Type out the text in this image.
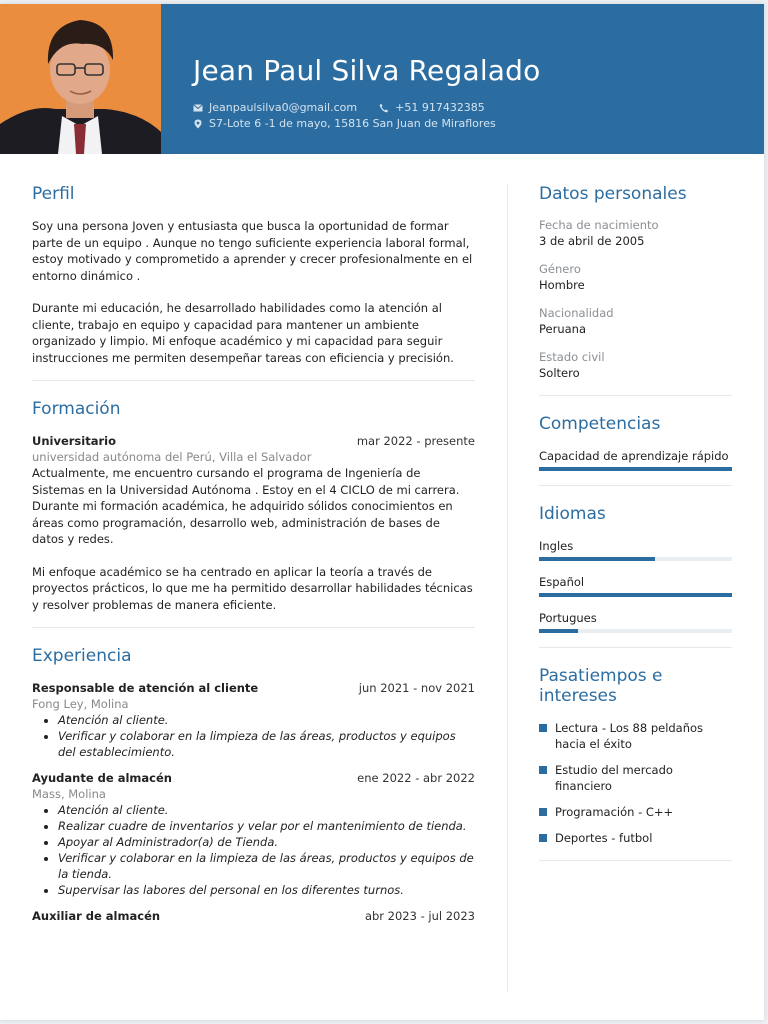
Jean Paul Silva Regalado
Jeanpaulsilva0@gmail.com	+51 917432385
S7-Lote 6 -1 de mayo, 15816 San Juan de Miraflores
Perfil

Soy una persona Joven y entusiasta que busca la oportunidad de formar parte de un equipo . Aunque no tengo suficiente experiencia laboral formal, estoy motivado y comprometido a aprender y crecer profesionalmente en el entorno dinámico .

Durante mi educación, he desarrollado habilidades como la atención al cliente, trabajo en equipo y capacidad para mantener un ambiente organizado y limpio. Mi enfoque académico y mi capacidad para seguir instrucciones me permiten desempeñar tareas con eficiencia y precisión.

Formación
Universitario	mar 2022 - presente
universidad autónoma del Perú, Villa el Salvador

Actualmente, me encuentro cursando el programa de Ingeniería de Sistemas en la Universidad Autónoma . Estoy en el 4 CICLO de mi carrera. Durante mi formación académica, he adquirido sólidos conocimientos en áreas como programación, desarrollo web, administración de bases de datos y redes.

Mi enfoque académico se ha centrado en aplicar la teoría a través de proyectos prácticos, lo que me ha permitido desarrollar habilidades técnicas y resolver problemas de manera eficiente.

Experiencia
Responsable de atención al cliente	jun 2021 - nov 2021
Fong Ley, Molina
• Atención al cliente.
• Verificar y colaborar en la limpieza de las áreas, productos y equipos del establecimiento.
Ayudante de almacén	ene 2022 - abr 2022
Mass, Molina
• Atención al cliente.
• Realizar cuadre de inventarios y velar por el mantenimiento de tienda.
• Apoyar al Administrador(a) de Tienda.
• Verificar y colaborar en la limpieza de las áreas, productos y equipos de la tienda.
• Supervisar las labores del personal en los diferentes turnos.
Auxiliar de almacén	abr 2023 - jul 2023
Datos personales
Fecha de nacimiento
3 de abril de 2005
Género
Hombre
Nacionalidad
Peruana
Estado civil
Soltero
Competencias
Capacidad de aprendizaje rápido
Idiomas
Ingles
Español
Portugues
Pasatiempos e intereses
Lectura - Los 88 peldaños hacia el éxito
Estudio del mercado financiero
Programación - C++
Deportes - futbol
